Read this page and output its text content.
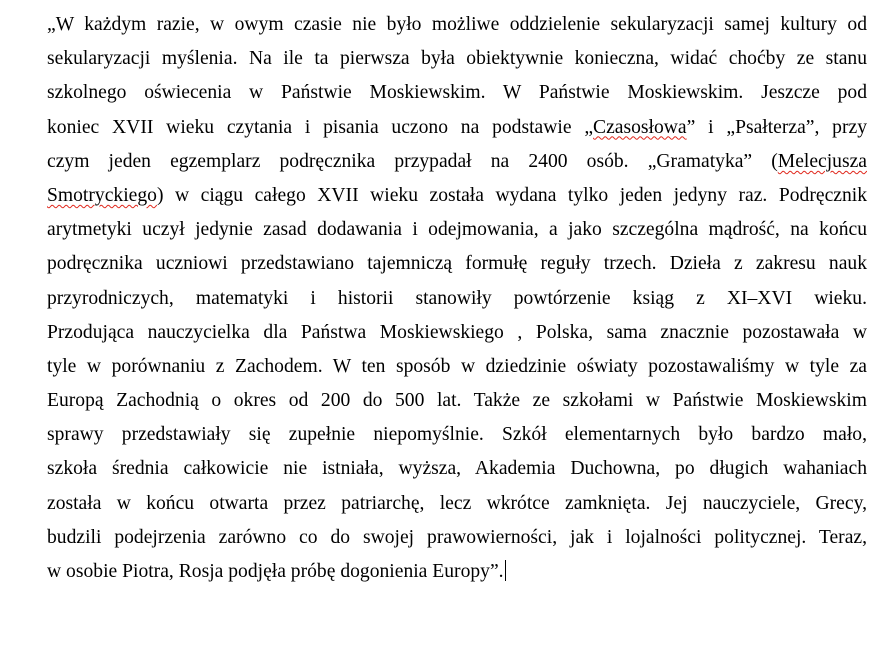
„W każdym razie, w owym czasie nie było możliwe oddzielenie sekularyzacji samej kultury od
sekularyzacji myślenia. Na ile ta pierwsza była obiektywnie konieczna, widać choćby ze stanu
szkolnego oświecenia w Państwie Moskiewskim. W Państwie Moskiewskim. Jeszcze pod
koniec XVII wieku czytania i pisania uczono na podstawie „Czasosłowa” i „Psałterza”, przy
czym jeden egzemplarz podręcznika przypadał na 2400 osób. „Gramatyka” (Melecjusza
Smotryckiego) w ciągu całego XVII wieku została wydana tylko jeden jedyny raz. Podręcznik
arytmetyki uczył jedynie zasad dodawania i odejmowania, a jako szczególna mądrość, na końcu
podręcznika uczniowi przedstawiano tajemniczą formułę reguły trzech. Dzieła z zakresu nauk
przyrodniczych, matematyki i historii stanowiły powtórzenie ksiąg z XI–XVI wieku.
Przodująca nauczycielka dla Państwa Moskiewskiego , Polska, sama znacznie pozostawała w
tyle w porównaniu z Zachodem. W ten sposób w dziedzinie oświaty pozostawaliśmy w tyle za
Europą Zachodnią o okres od 200 do 500 lat. Także ze szkołami w Państwie Moskiewskim
sprawy przedstawiały się zupełnie niepomyślnie. Szkół elementarnych było bardzo mało,
szkoła średnia całkowicie nie istniała, wyższa, Akademia Duchowna, po długich wahaniach
została w końcu otwarta przez patriarchę, lecz wkrótce zamknięta. Jej nauczyciele, Grecy,
budzili podejrzenia zarówno co do swojej prawowierności, jak i lojalności politycznej. Teraz,
w osobie Piotra, Rosja podjęła próbę dogonienia Europy”.
